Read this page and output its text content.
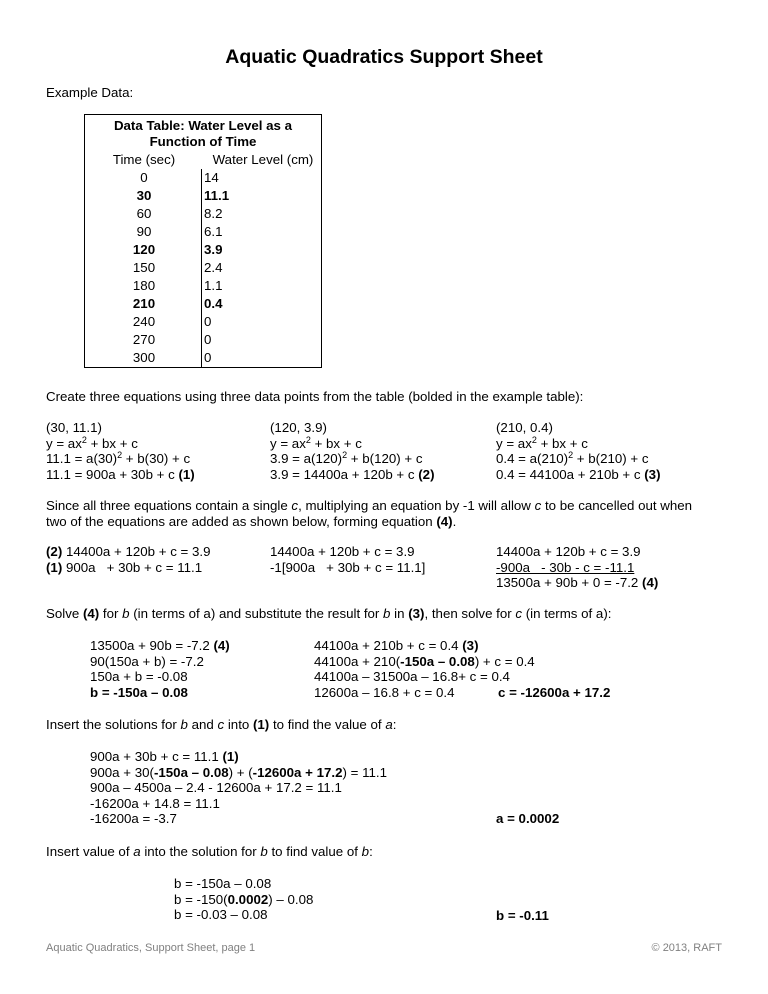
Aquatic Quadratics Support Sheet
Example Data:
Data Table: Water Level as a
Function of Time
Time (sec)	Water Level (cm)
0	14
30	11.1
60	8.2
90	6.1
120	3.9
150	2.4
180	1.1
210	0.4
240	0
270	0
300	0
Create three equations using three data points from the table (bolded in the example table):
(30, 11.1)
$y = ax^2$ + bx + c
$11.1 = a(30)^2 + b(30) + c$
11.1 = 900a + 30b + c (1)
(120, 3.9)
$y = ax^2$ + bx + c
$3.9 = a(120)^2 + b(120) + c$
3.9 = 14400a + 120b + c (2)
(210, 0.4)
$y = ax^2$ + bx + c
$0.4 = a(210)^2 + b(210) + c$
0.4 = 44100a + 210b + c (3)
Since all three equations contain a single c, multiplying an equation by -1 will allow c to be cancelled out when
two of the equations are added as shown below, forming equation (4).
(2) 14400a + 120b + c = 3.9
(1) 900a   + 30b + c = 11.1
14400a + 120b + c = 3.9
-1[900a   + 30b + c = 11.1]
14400a + 120b + c = 3.9
-900a   - 30b - c = -11.1
13500a + 90b + 0 = -7.2 (4)
Solve (4) for b (in terms of a) and substitute the result for b in (3), then solve for c (in terms of a):
13500a + 90b = -7.2 (4)
90(150a + b) = -7.2
150a + b = -0.08
b = -150a – 0.08
44100a + 210b + c = 0.4 (3)
44100a + 210(-150a – 0.08) + c = 0.4
44100a – 31500a – 16.8+ c = 0.4
12600a – 16.8 + c = 0.4	c = -12600a + 17.2
Insert the solutions for b and c into (1) to find the value of a:
900a + 30b + c = 11.1 (1)
900a + 30(-150a – 0.08) + (-12600a + 17.2) = 11.1
900a – 4500a – 2.4 - 12600a + 17.2 = 11.1
-16200a + 14.8 = 11.1
-16200a = -3.7	a = 0.0002
Insert value of a into the solution for b to find value of b:
b = -150a – 0.08
b = -150(0.0002) – 0.08
b = -0.03 – 0.08	b = -0.11
Aquatic Quadratics, Support Sheet, page 1	© 2013, RAFT
